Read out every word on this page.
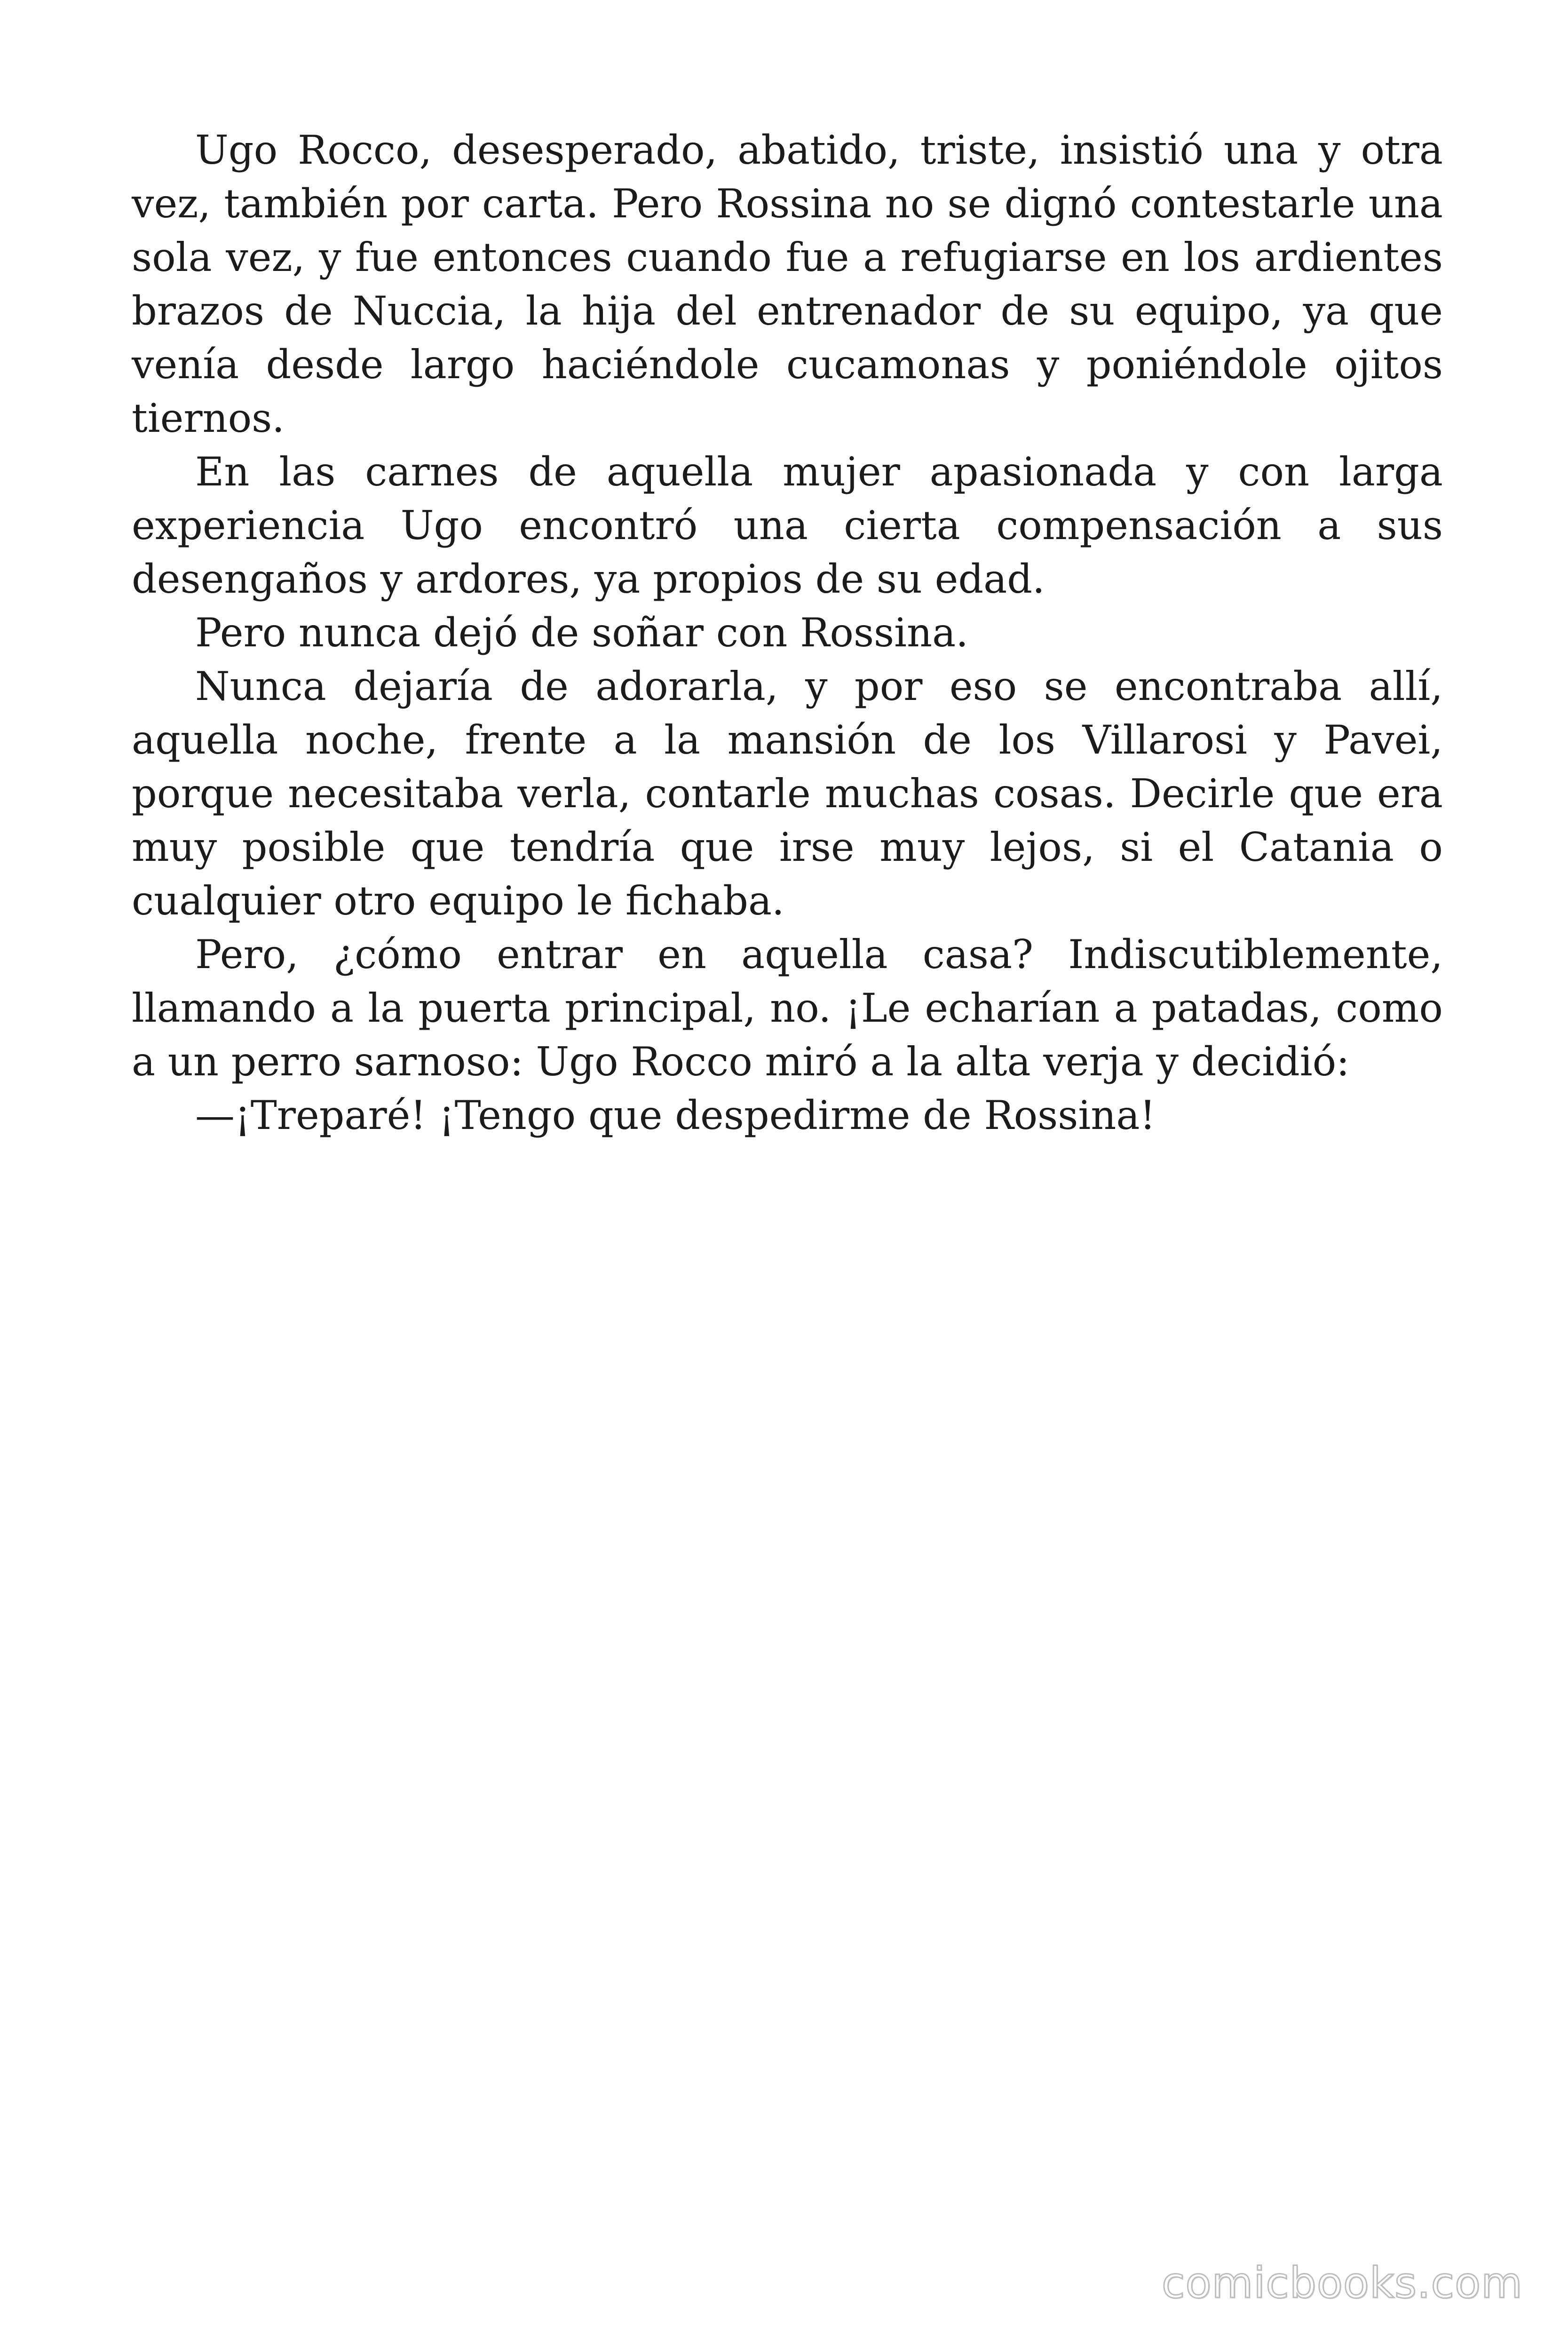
Ugo Rocco, desesperado, abatido, triste, insistió una y otra vez, también por carta. Pero Rossina no se dignó contestarle una sola vez, y fue entonces cuando fue a refugiarse en los ardientes brazos de Nuccia, la hija del entrenador de su equipo, ya que venía desde largo haciéndole cucamonas y poniéndole ojitos tiernos.

En las carnes de aquella mujer apasionada y con larga experiencia Ugo encontró una cierta compensación a sus desengaños y ardores, ya propios de su edad.

Pero nunca dejó de soñar con Rossina.

Nunca dejaría de adorarla, y por eso se encontraba allí, aquella noche, frente a la mansión de los Villarosi y Pavei, porque necesitaba verla, contarle muchas cosas. Decirle que era muy posible que tendría que irse muy lejos, si el Catania o cualquier otro equipo le fichaba.

Pero, ¿cómo entrar en aquella casa? Indiscutiblemente, llamando a la puerta principal, no. ¡Le echarían a patadas, como a un perro sarnoso: Ugo Rocco miró a la alta verja y decidió:

—¡Treparé! ¡Tengo que despedirme de Rossina!

comicbooks.com
